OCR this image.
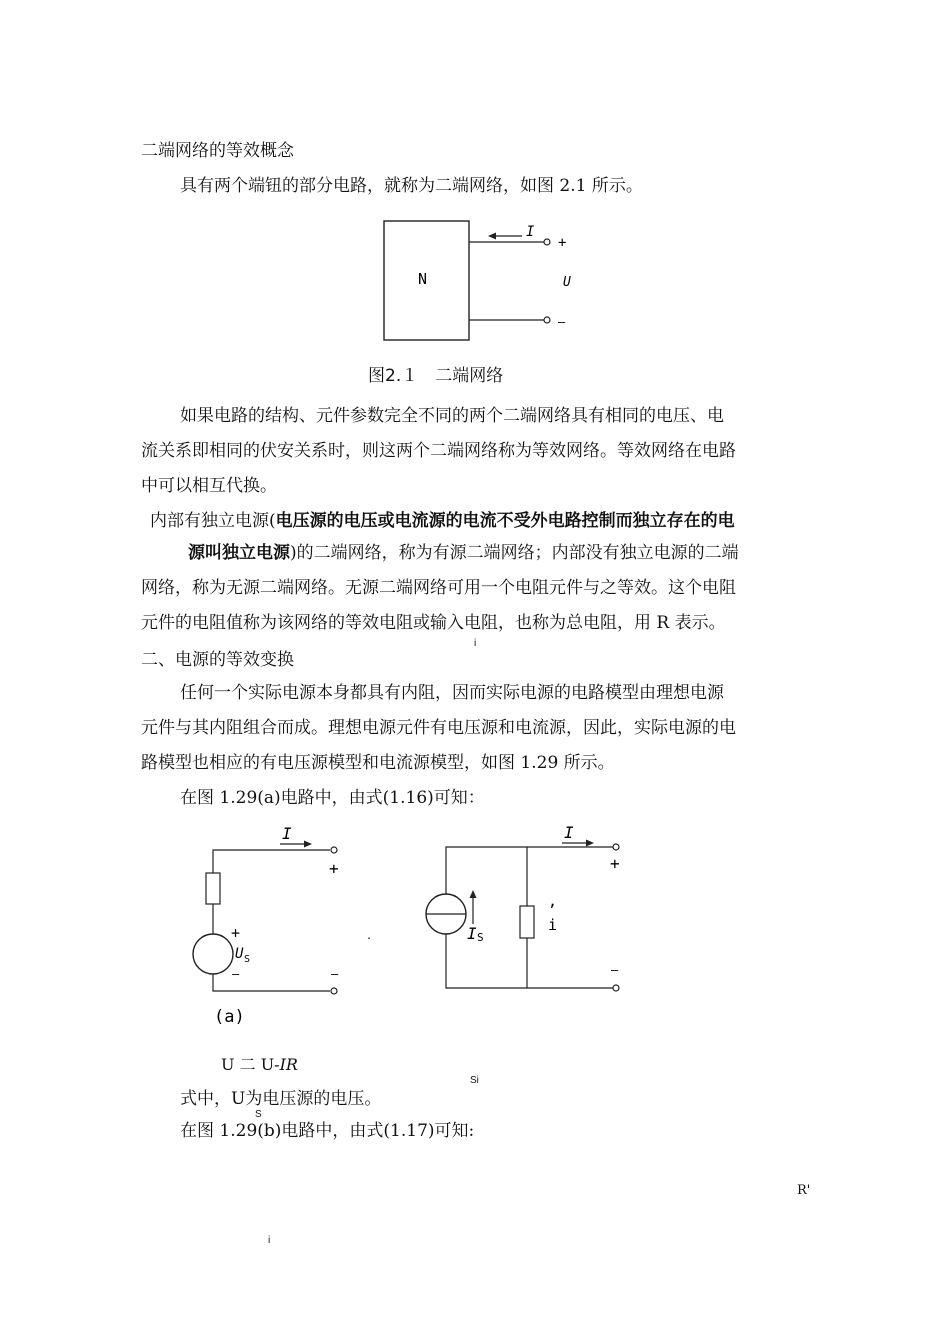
二端网络的等效概念
具有两个端钮的部分电路，就称为二端网络，如图 2.1 所示。
N
I
+
U
—
图2.１　二端网络
如果电路的结构、元件参数完全不同的两个二端网络具有相同的电压、电
流关系即相同的伏安关系时，则这两个二端网络称为等效网络。等效网络在电路
中可以相互代换。
内部有独立电源(电压源的电压或电流源的电流不受外电路控制而独立存在的电
源叫独立电源)的二端网络，称为有源二端网络；内部没有独立电源的二端
网络，称为无源二端网络。无源二端网络可用一个电阻元件与之等效。这个电阻
元件的电阻值称为该网络的等效电阻或输入电阻，也称为总电阻，用 R 表示。
i
二、电源的等效变换
任何一个实际电源本身都具有内阻，因而实际电源的电路模型由理想电源
元件与其内阻组合而成。理想电源元件有电压源和电流源，因此，实际电源的电
路模型也相应的有电压源模型和电流源模型，如图 1.29 所示。
在图 1.29(a)电路中，由式(1.16)可知：
I
+
—
+
—
U S
(a)
.
I
+
—
I S
,
i
U 二 U-IR
Si
式中，U为电压源的电压。
S
在图 1.29(b)电路中，由式(1.17)可知:
R'
i
